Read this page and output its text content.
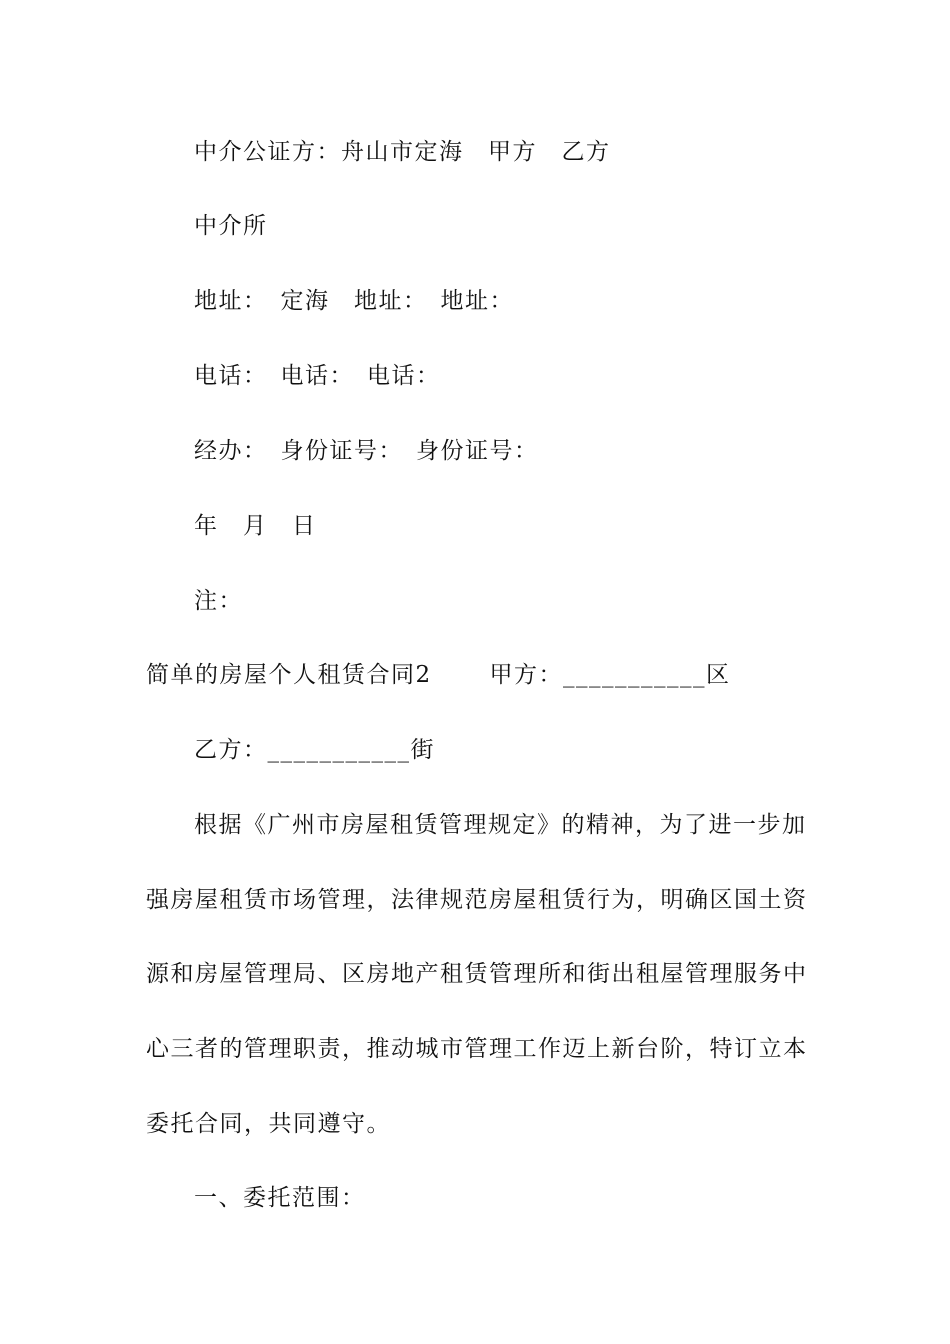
中介公证方：舟山市定海　甲方　乙方
中介所
地址：　定海　地址：　地址：
电话：　电话：　电话：
经办：　身份证号：　身份证号：
年　月　日
注：
简单的房屋个人租赁合同2　　 甲方：___________区
乙方：___________街
根据《广州市房屋租赁管理规定》的精神，为了进一步加
强房屋租赁市场管理，法律规范房屋租赁行为，明确区国土资
源和房屋管理局、区房地产租赁管理所和街出租屋管理服务中
心三者的管理职责，推动城市管理工作迈上新台阶，特订立本
委托合同，共同遵守。
一、委托范围：
